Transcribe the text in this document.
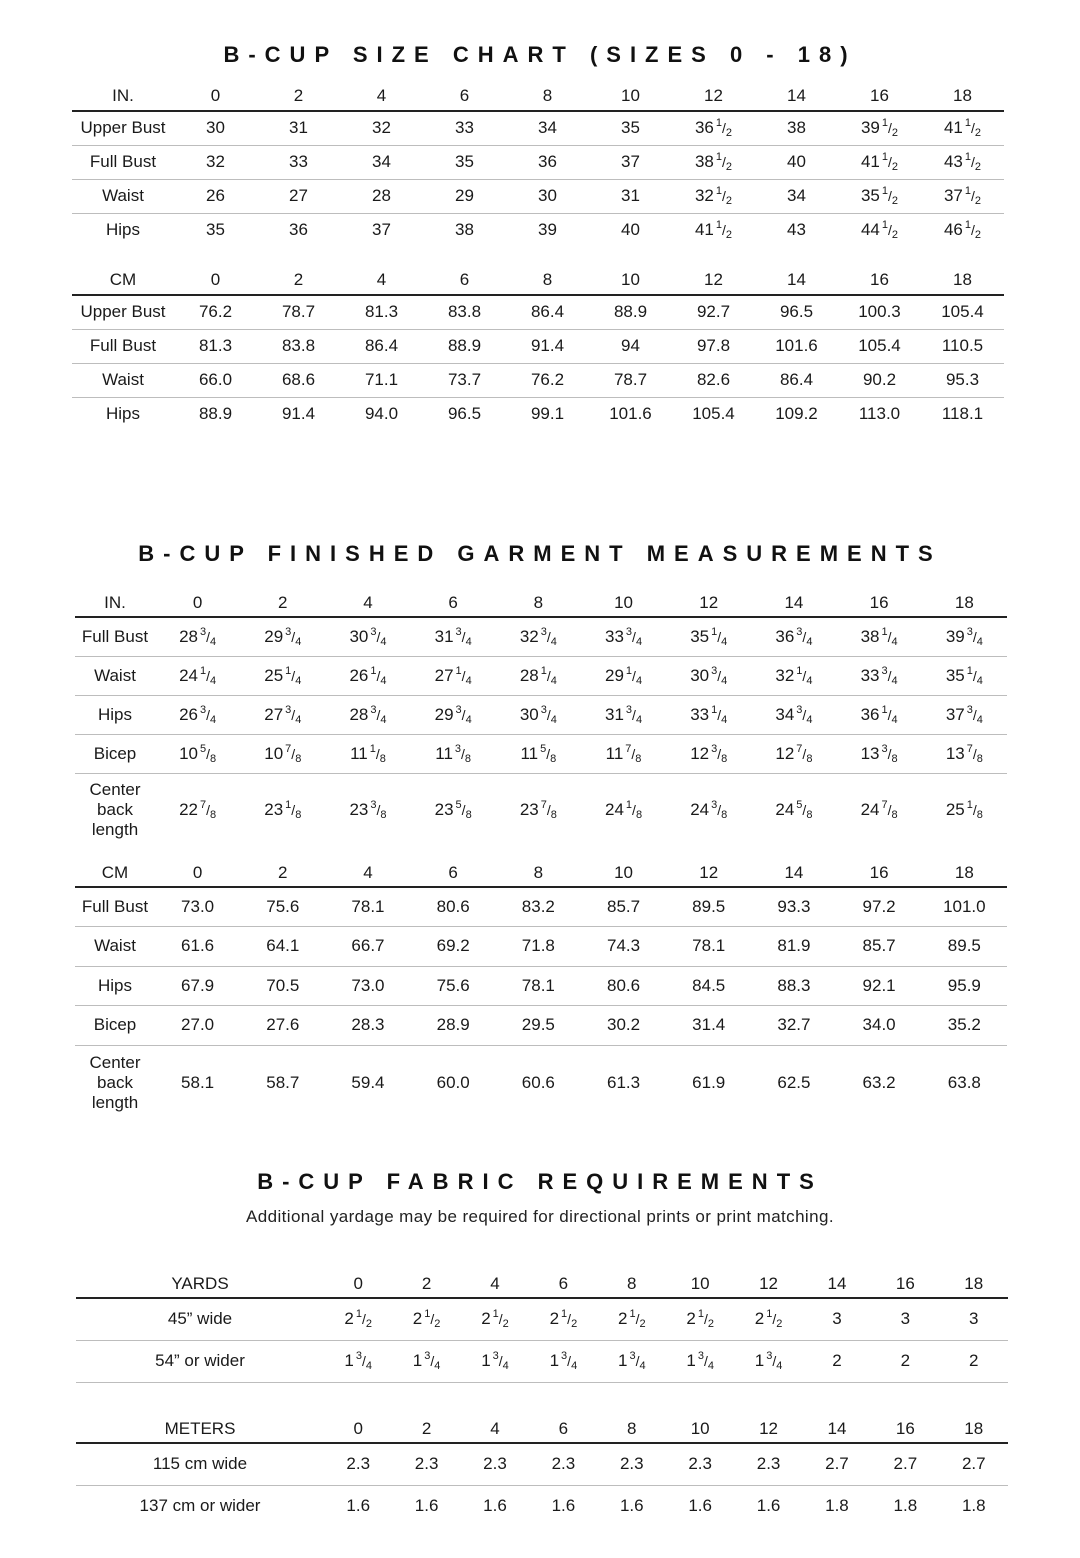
B-CUP SIZE CHART (SIZES 0 - 18)
IN.	0	2	4	6	8	10	12	14	16	18
Upper Bust	30	31	32	33	34	35	36 $^1/_2$	38	39 $^1/_2$	41 $^1/_2$
Full Bust	32	33	34	35	36	37	38 $^1/_2$	40	41 $^1/_2$	43 $^1/_2$
Waist	26	27	28	29	30	31	32 $^1/_2$	34	35 $^1/_2$	37 $^1/_2$
Hips	35	36	37	38	39	40	41 $^1/_2$	43	44 $^1/_2$	46 $^1/_2$
CM	0	2	4	6	8	10	12	14	16	18
Upper Bust	76.2	78.7	81.3	83.8	86.4	88.9	92.7	96.5	100.3	105.4
Full Bust	81.3	83.8	86.4	88.9	91.4	94	97.8	101.6	105.4	110.5
Waist	66.0	68.6	71.1	73.7	76.2	78.7	82.6	86.4	90.2	95.3
Hips	88.9	91.4	94.0	96.5	99.1	101.6	105.4	109.2	113.0	118.1
B-CUP FINISHED GARMENT MEASUREMENTS
IN.	0	2	4	6	8	10	12	14	16	18
Full Bust	28 $^3/_4$	29 $^3/_4$	30 $^3/_4$	31 $^3/_4$	32 $^3/_4$	33 $^3/_4$	35 $^1/_4$	36 $^3/_4$	38 $^1/_4$	39 $^3/_4$
Waist	24 $^1/_4$	25 $^1/_4$	26 $^1/_4$	27 $^1/_4$	28 $^1/_4$	29 $^1/_4$	30 $^3/_4$	32 $^1/_4$	33 $^3/_4$	35 $^1/_4$
Hips	26 $^3/_4$	27 $^3/_4$	28 $^3/_4$	29 $^3/_4$	30 $^3/_4$	31 $^3/_4$	33 $^1/_4$	34 $^3/_4$	36 $^1/_4$	37 $^3/_4$
Bicep	10 $^5/_8$	10 $^7/_8$	11 $^1/_8$	11 $^3/_8$	11 $^5/_8$	11 $^7/_8$	12 $^3/_8$	12 $^7/_8$	13 $^3/_8$	13 $^7/_8$
Center back length	22 $^7/_8$	23 $^1/_8$	23 $^3/_8$	23 $^5/_8$	23 $^7/_8$	24 $^1/_8$	24 $^3/_8$	24 $^5/_8$	24 $^7/_8$	25 $^1/_8$
CM	0	2	4	6	8	10	12	14	16	18
Full Bust	73.0	75.6	78.1	80.6	83.2	85.7	89.5	93.3	97.2	101.0
Waist	61.6	64.1	66.7	69.2	71.8	74.3	78.1	81.9	85.7	89.5
Hips	67.9	70.5	73.0	75.6	78.1	80.6	84.5	88.3	92.1	95.9
Bicep	27.0	27.6	28.3	28.9	29.5	30.2	31.4	32.7	34.0	35.2
Center back length	58.1	58.7	59.4	60.0	60.6	61.3	61.9	62.5	63.2	63.8
B-CUP FABRIC REQUIREMENTS

Additional yardage may be required for directional prints or print matching.

YARDS	0	2	4	6	8	10	12	14	16	18
45” wide	2 $^1/_2$	2 $^1/_2$	2 $^1/_2$	2 $^1/_2$	2 $^1/_2$	2 $^1/_2$	2 $^1/_2$	3	3	3
54” or wider	1 $^3/_4$	1 $^3/_4$	1 $^3/_4$	1 $^3/_4$	1 $^3/_4$	1 $^3/_4$	1 $^3/_4$	2	2	2
METERS	0	2	4	6	8	10	12	14	16	18
115 cm wide	2.3	2.3	2.3	2.3	2.3	2.3	2.3	2.7	2.7	2.7
137 cm or wider	1.6	1.6	1.6	1.6	1.6	1.6	1.6	1.8	1.8	1.8
